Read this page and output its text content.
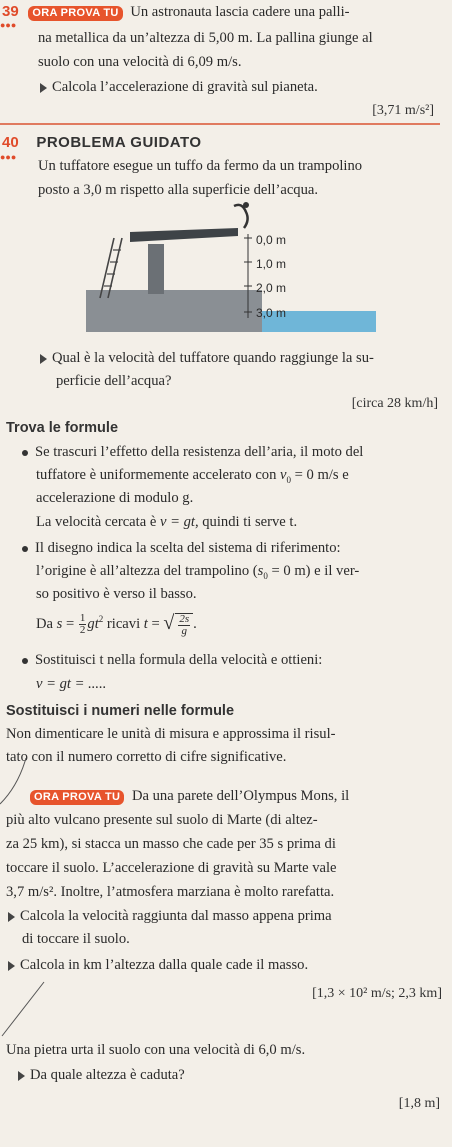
39 ORA PROVA TU Un astronauta lascia cadere una palli-
●●●
na metallica da un’altezza di 5,00 m. La pallina giunge al
suolo con una velocità di 6,09 m/s.
Calcola l’accelerazione di gravità sul pianeta.
[3,71 m/s²]
40 PROBLEMA GUIDATO
●●●
Un tuffatore esegue un tuffo da fermo da un trampolino
posto a 3,0 m rispetto alla superficie dell’acqua.
0,0 m
1,0 m
2,0 m
3,0 m
Qual è la velocità del tuffatore quando raggiunge la su-
perficie dell’acqua?
[circa 28 km/h]
Trova le formule
Se trascuri l’effetto della resistenza dell’aria, il moto del
tuffatore è uniformemente accelerato con $v_0 = 0$ m/s e
accelerazione di modulo g.
La velocità cercata è v = gt, quindi ti serve t.
Il disegno indica la scelta del sistema di riferimento:
l’origine è all’altezza del trampolino ($s_0 = 0$ m) e il ver-
so positivo è verso il basso.
Da $s = \frac{1}{2} gt^2$ ricavi t = √ $\frac{2s}{g}$ .
Sostituisci t nella formula della velocità e ottieni:
v = gt = .....
Sostituisci i numeri nelle formule
Non dimenticare le unità di misura e approssima il risul-
tato con il numero corretto di cifre significative.
ORA PROVA TU Da una parete dell’Olympus Mons, il
più alto vulcano presente sul suolo di Marte (di altez-
za 25 km), si stacca un masso che cade per 35 s prima di
toccare il suolo. L’accelerazione di gravità su Marte vale
3,7 m/s². Inoltre, l’atmosfera marziana è molto rarefatta.
Calcola la velocità raggiunta dal masso appena prima
di toccare il suolo.
Calcola in km l’altezza dalla quale cade il masso.
[1,3 × 10² m/s; 2,3 km]
Una pietra urta il suolo con una velocità di 6,0 m/s.
Da quale altezza è caduta?
[1,8 m]
